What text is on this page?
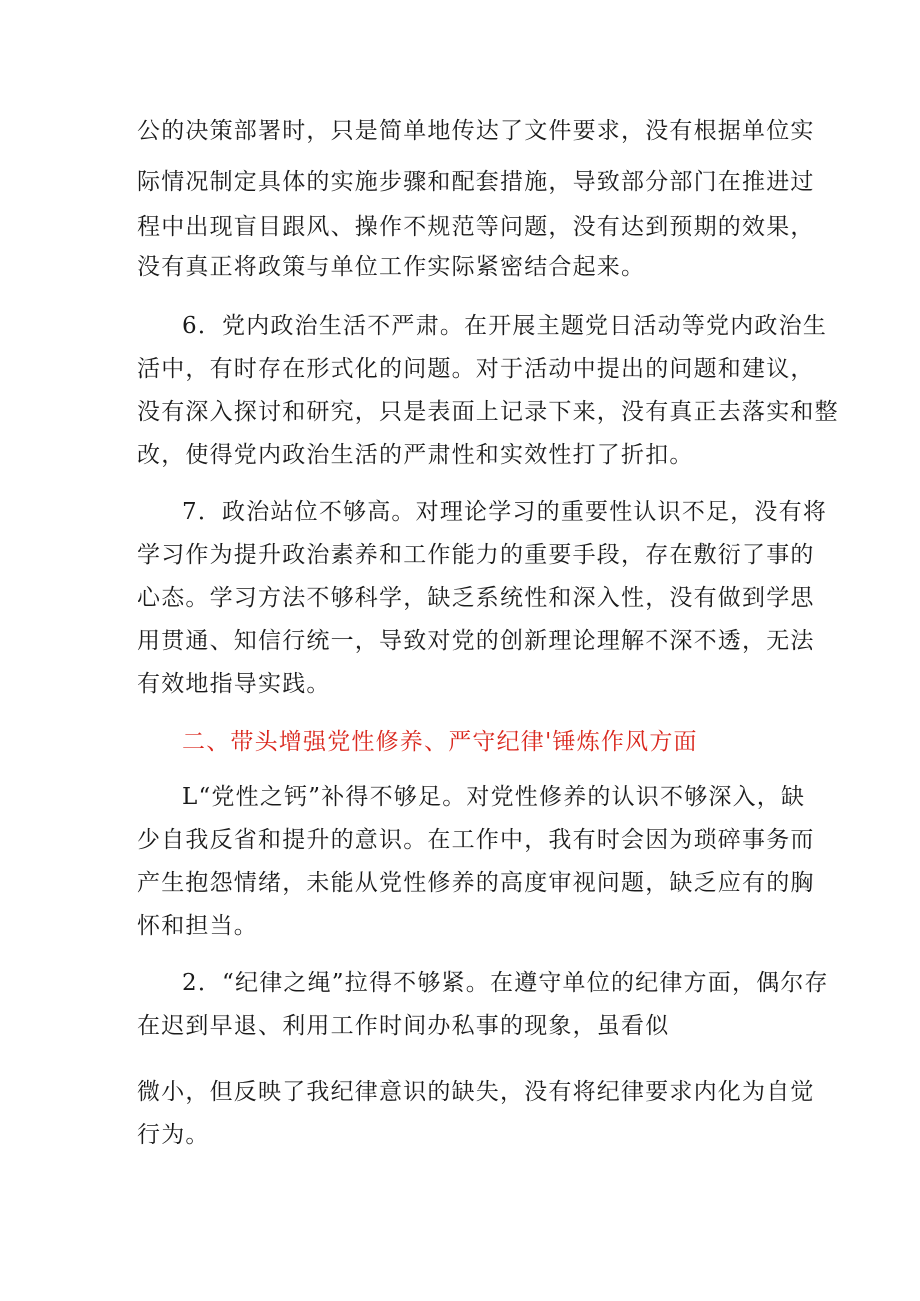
公的决策部署时，只是简单地传达了文件要求，没有根据单位实
际情况制定具体的实施步骤和配套措施，导致部分部门在推进过
程中出现盲目跟风、操作不规范等问题，没有达到预期的效果，
没有真正将政策与单位工作实际紧密结合起来。
6．党内政治生活不严肃。在开展主题党日活动等党内政治生
活中，有时存在形式化的问题。对于活动中提出的问题和建议，
没有深入探讨和研究，只是表面上记录下来，没有真正去落实和整
改，使得党内政治生活的严肃性和实效性打了折扣。
7．政治站位不够高。对理论学习的重要性认识不足，没有将
学习作为提升政治素养和工作能力的重要手段，存在敷衍了事的
心态。学习方法不够科学，缺乏系统性和深入性，没有做到学思
用贯通、知信行统一，导致对党的创新理论理解不深不透，无法
有效地指导实践。
二、带头增强党性修养、严守纪律'锤炼作风方面
L“党性之钙”补得不够足。对党性修养的认识不够深入，缺
少自我反省和提升的意识。在工作中，我有时会因为琐碎事务而
产生抱怨情绪，未能从党性修养的高度审视问题，缺乏应有的胸
怀和担当。
2．“纪律之绳”拉得不够紧。在遵守单位的纪律方面，偶尔存
在迟到早退、利用工作时间办私事的现象，虽看似
微小，但反映了我纪律意识的缺失，没有将纪律要求内化为自觉
行为。
